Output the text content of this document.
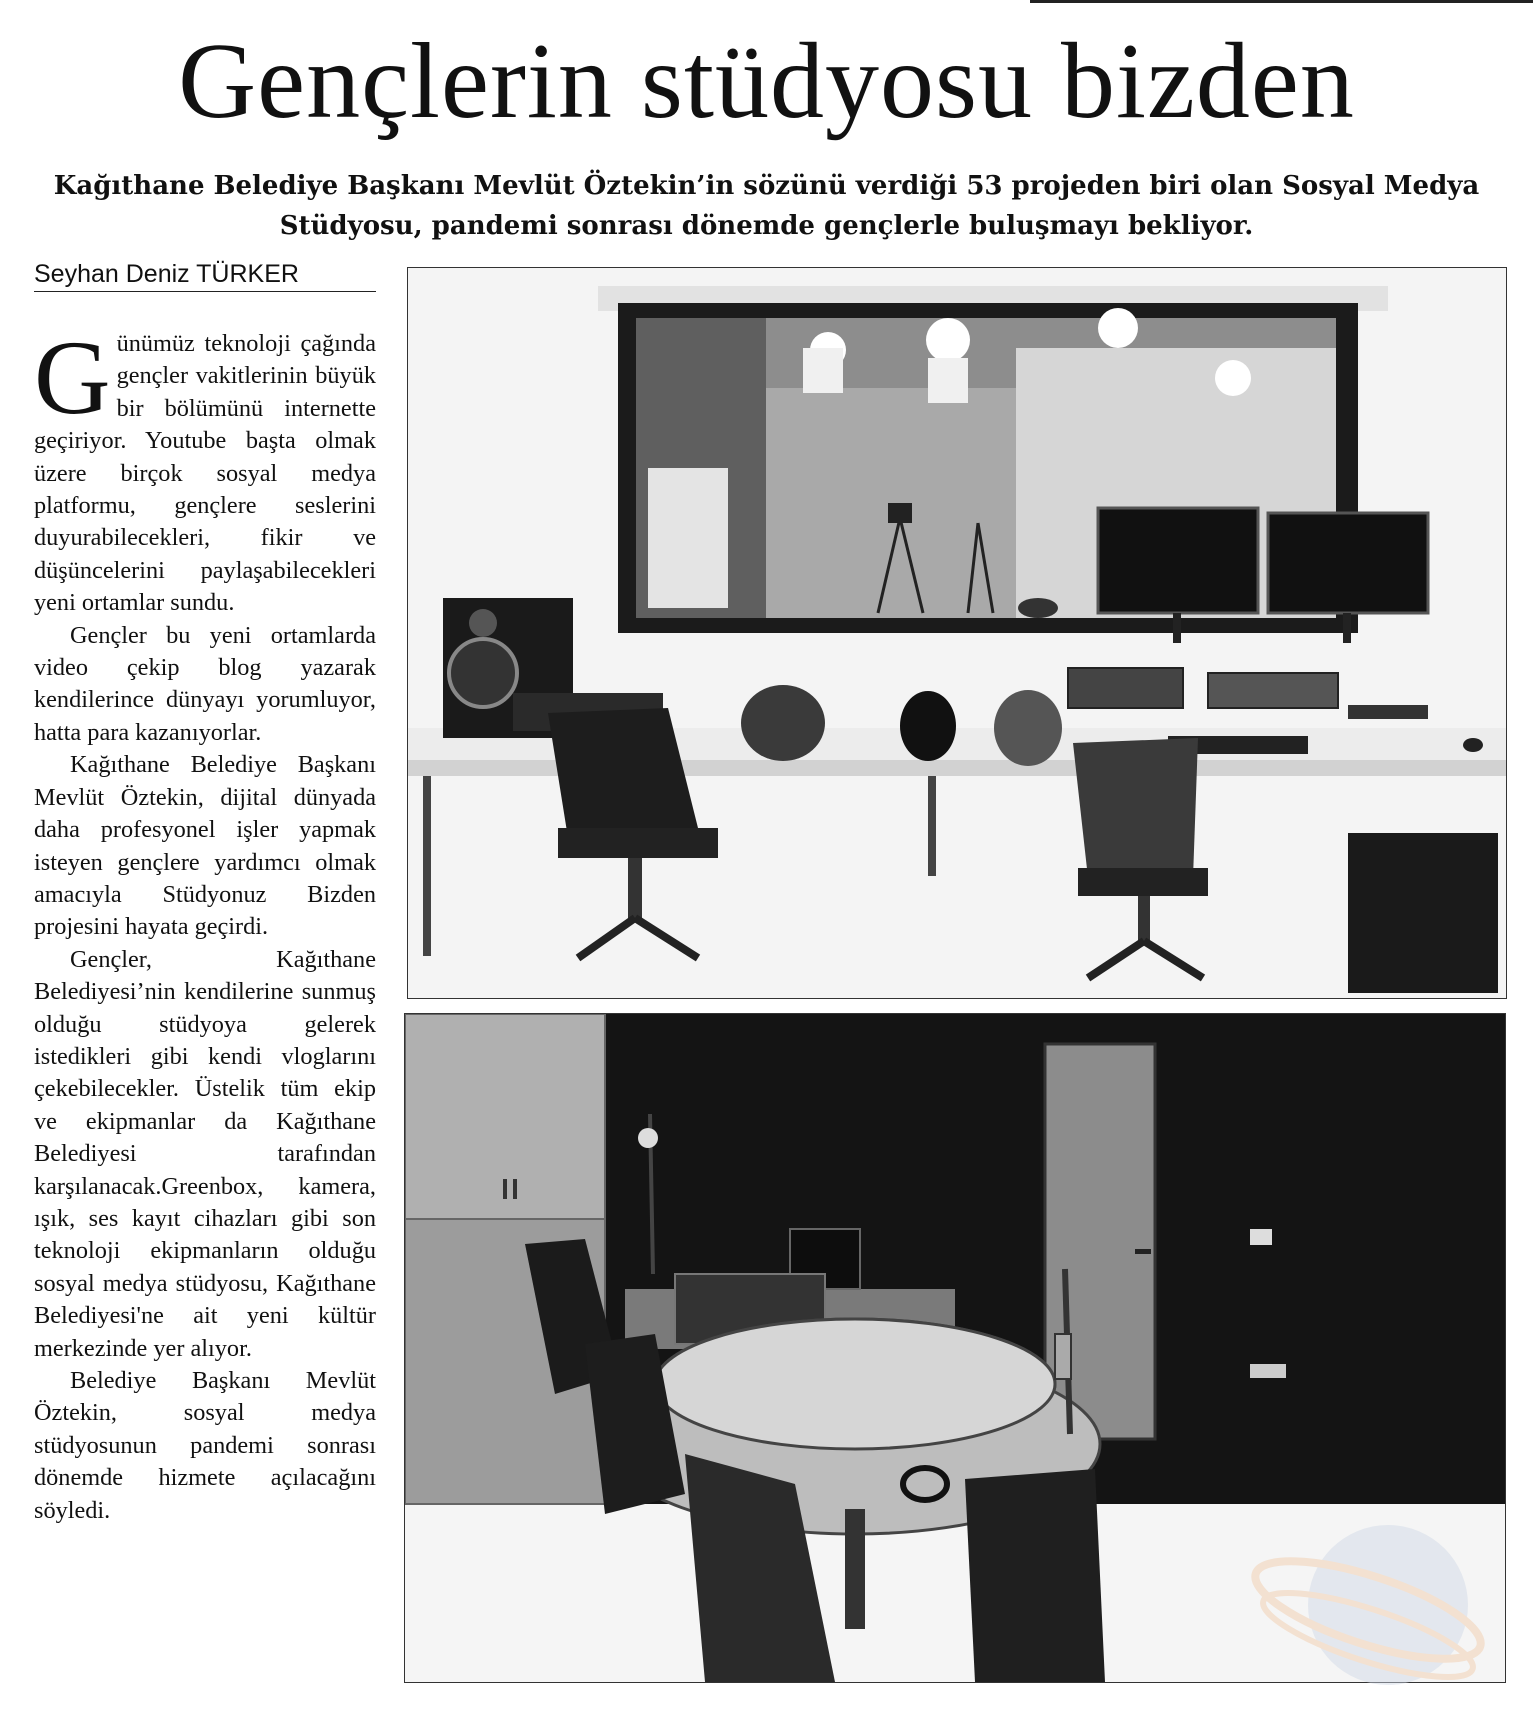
Gençlerin stüdyosu bizden

Kağıthane Belediye Başkanı Mevlüt Öztekin’in sözünü verdiği 53 projeden biri olan Sosyal Medya Stüdyosu, pandemi sonrası dönemde gençlerle buluşmayı bekliyor.

Seyhan Deniz TÜRKER

Günümüz teknoloji çağında gençler vakitlerinin büyük bir bölümünü internette geçiriyor. Youtube başta olmak üzere birçok sosyal medya platformu, gençlere seslerini duyurabilecekleri, fikir ve düşüncelerini paylaşabilecekleri yeni ortamlar sundu.

Gençler bu yeni ortamlarda video çekip blog yazarak kendilerince dünyayı yorumluyor, hatta para kazanıyorlar.

Kağıthane Belediye Başkanı Mevlüt Öztekin, dijital dünyada daha profesyonel işler yapmak isteyen gençlere yardımcı olmak amacıyla Stüdyonuz Bizden projesini hayata geçirdi.

Gençler, Kağıthane Belediyesi’nin kendilerine sunmuş olduğu stüdyoya gelerek istedikleri gibi kendi vloglarını çekebilecekler. Üstelik tüm ekip ve ekipmanlar da Kağıthane Belediyesi tarafından karşılanacak.Greenbox, kamera, ışık, ses kayıt cihazları gibi son teknoloji ekipmanların olduğu sosyal medya stüdyosu, Kağıthane Belediyesi'ne ait yeni kültür merkezinde yer alıyor.

Belediye Başkanı Mevlüt Öztekin, sosyal medya stüdyosunun pandemi sonrası dönemde hizmete açılacağını söyledi.
